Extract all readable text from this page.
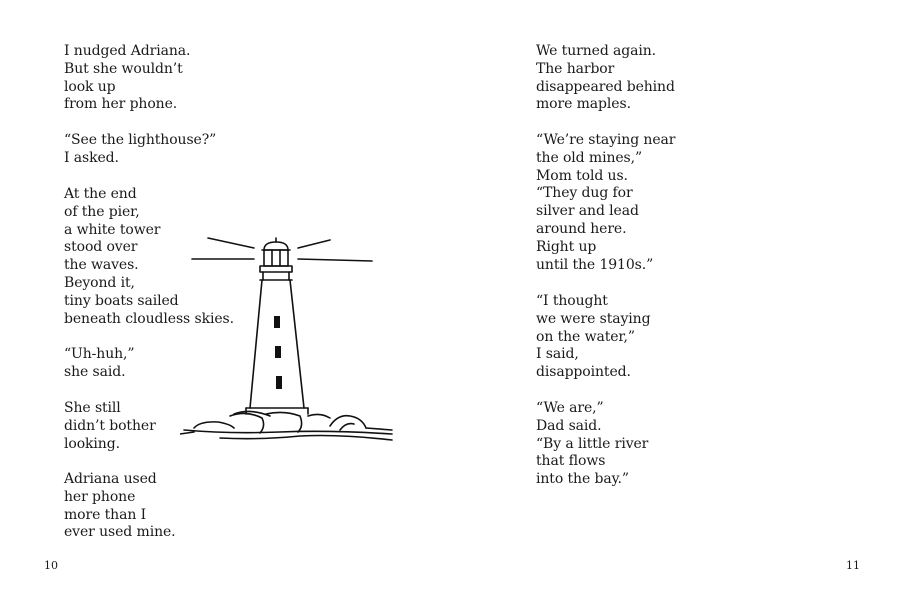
I nudged Adriana.
But she wouldn’t
look up
from her phone.
“See the lighthouse?”
I asked.
At the end
of the pier,
a white tower
stood over
the waves.
Beyond it,
tiny boats sailed
beneath cloudless skies.
“Uh-huh,”
she said.
She still
didn’t bother
looking.
Adriana used
her phone
more than I
ever used mine.
10
We turned again.
The harbor
disappeared behind
more maples.
“We’re staying near
the old mines,”
Mom told us.
“They dug for
silver and lead
around here.
Right up
until the 1910s.”
“I thought
we were staying
on the water,”
I said,
disappointed.
“We are,”
Dad said.
“By a little river
that flows
into the bay.”
11
